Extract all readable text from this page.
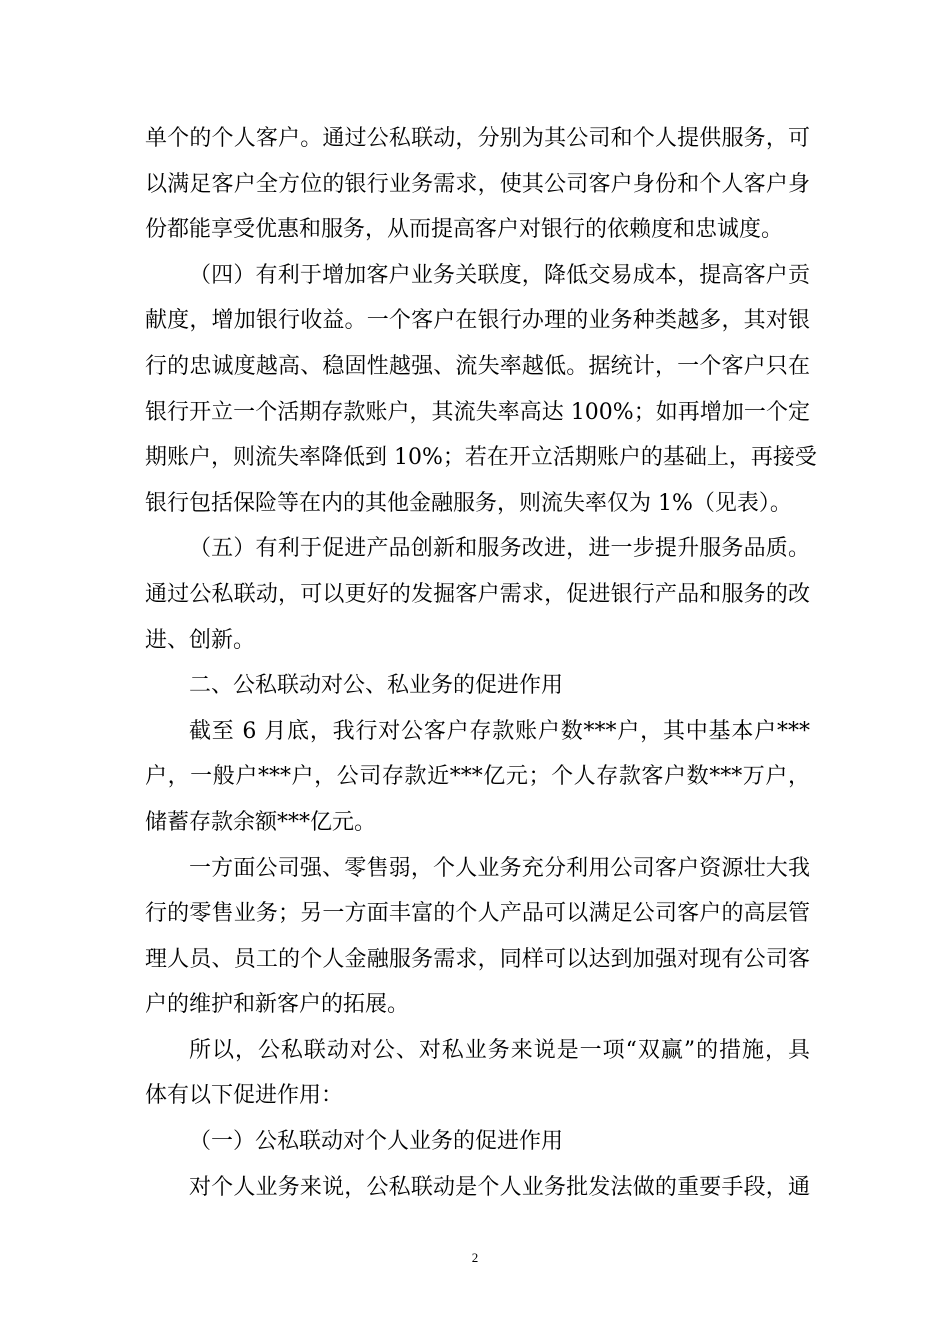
单个的个人客户。通过公私联动，分别为其公司和个人提供服务，可
以满足客户全方位的银行业务需求，使其公司客户身份和个人客户身
份都能享受优惠和服务，从而提高客户对银行的依赖度和忠诚度。
（四）有利于增加客户业务关联度，降低交易成本，提高客户贡
献度，增加银行收益。一个客户在银行办理的业务种类越多，其对银
行的忠诚度越高、稳固性越强、流失率越低。据统计，一个客户只在
银行开立一个活期存款账户，其流失率高达 100%；如再增加一个定
期账户，则流失率降低到 10%；若在开立活期账户的基础上，再接受
银行包括保险等在内的其他金融服务，则流失率仅为 1%（见表）。
（五）有利于促进产品创新和服务改进，进一步提升服务品质。
通过公私联动，可以更好的发掘客户需求，促进银行产品和服务的改
进、创新。
二、公私联动对公、私业务的促进作用
截至 6 月底，我行对公客户存款账户数***户，其中基本户***
户，一般户***户，公司存款近***亿元；个人存款客户数***万户，
储蓄存款余额***亿元。
一方面公司强、零售弱，个人业务充分利用公司客户资源壮大我
行的零售业务；另一方面丰富的个人产品可以满足公司客户的高层管
理人员、员工的个人金融服务需求，同样可以达到加强对现有公司客
户的维护和新客户的拓展。
所以，公私联动对公、对私业务来说是一项“双赢”的措施，具
体有以下促进作用：
（一）公私联动对个人业务的促进作用
对个人业务来说，公私联动是个人业务批发法做的重要手段，通
2
